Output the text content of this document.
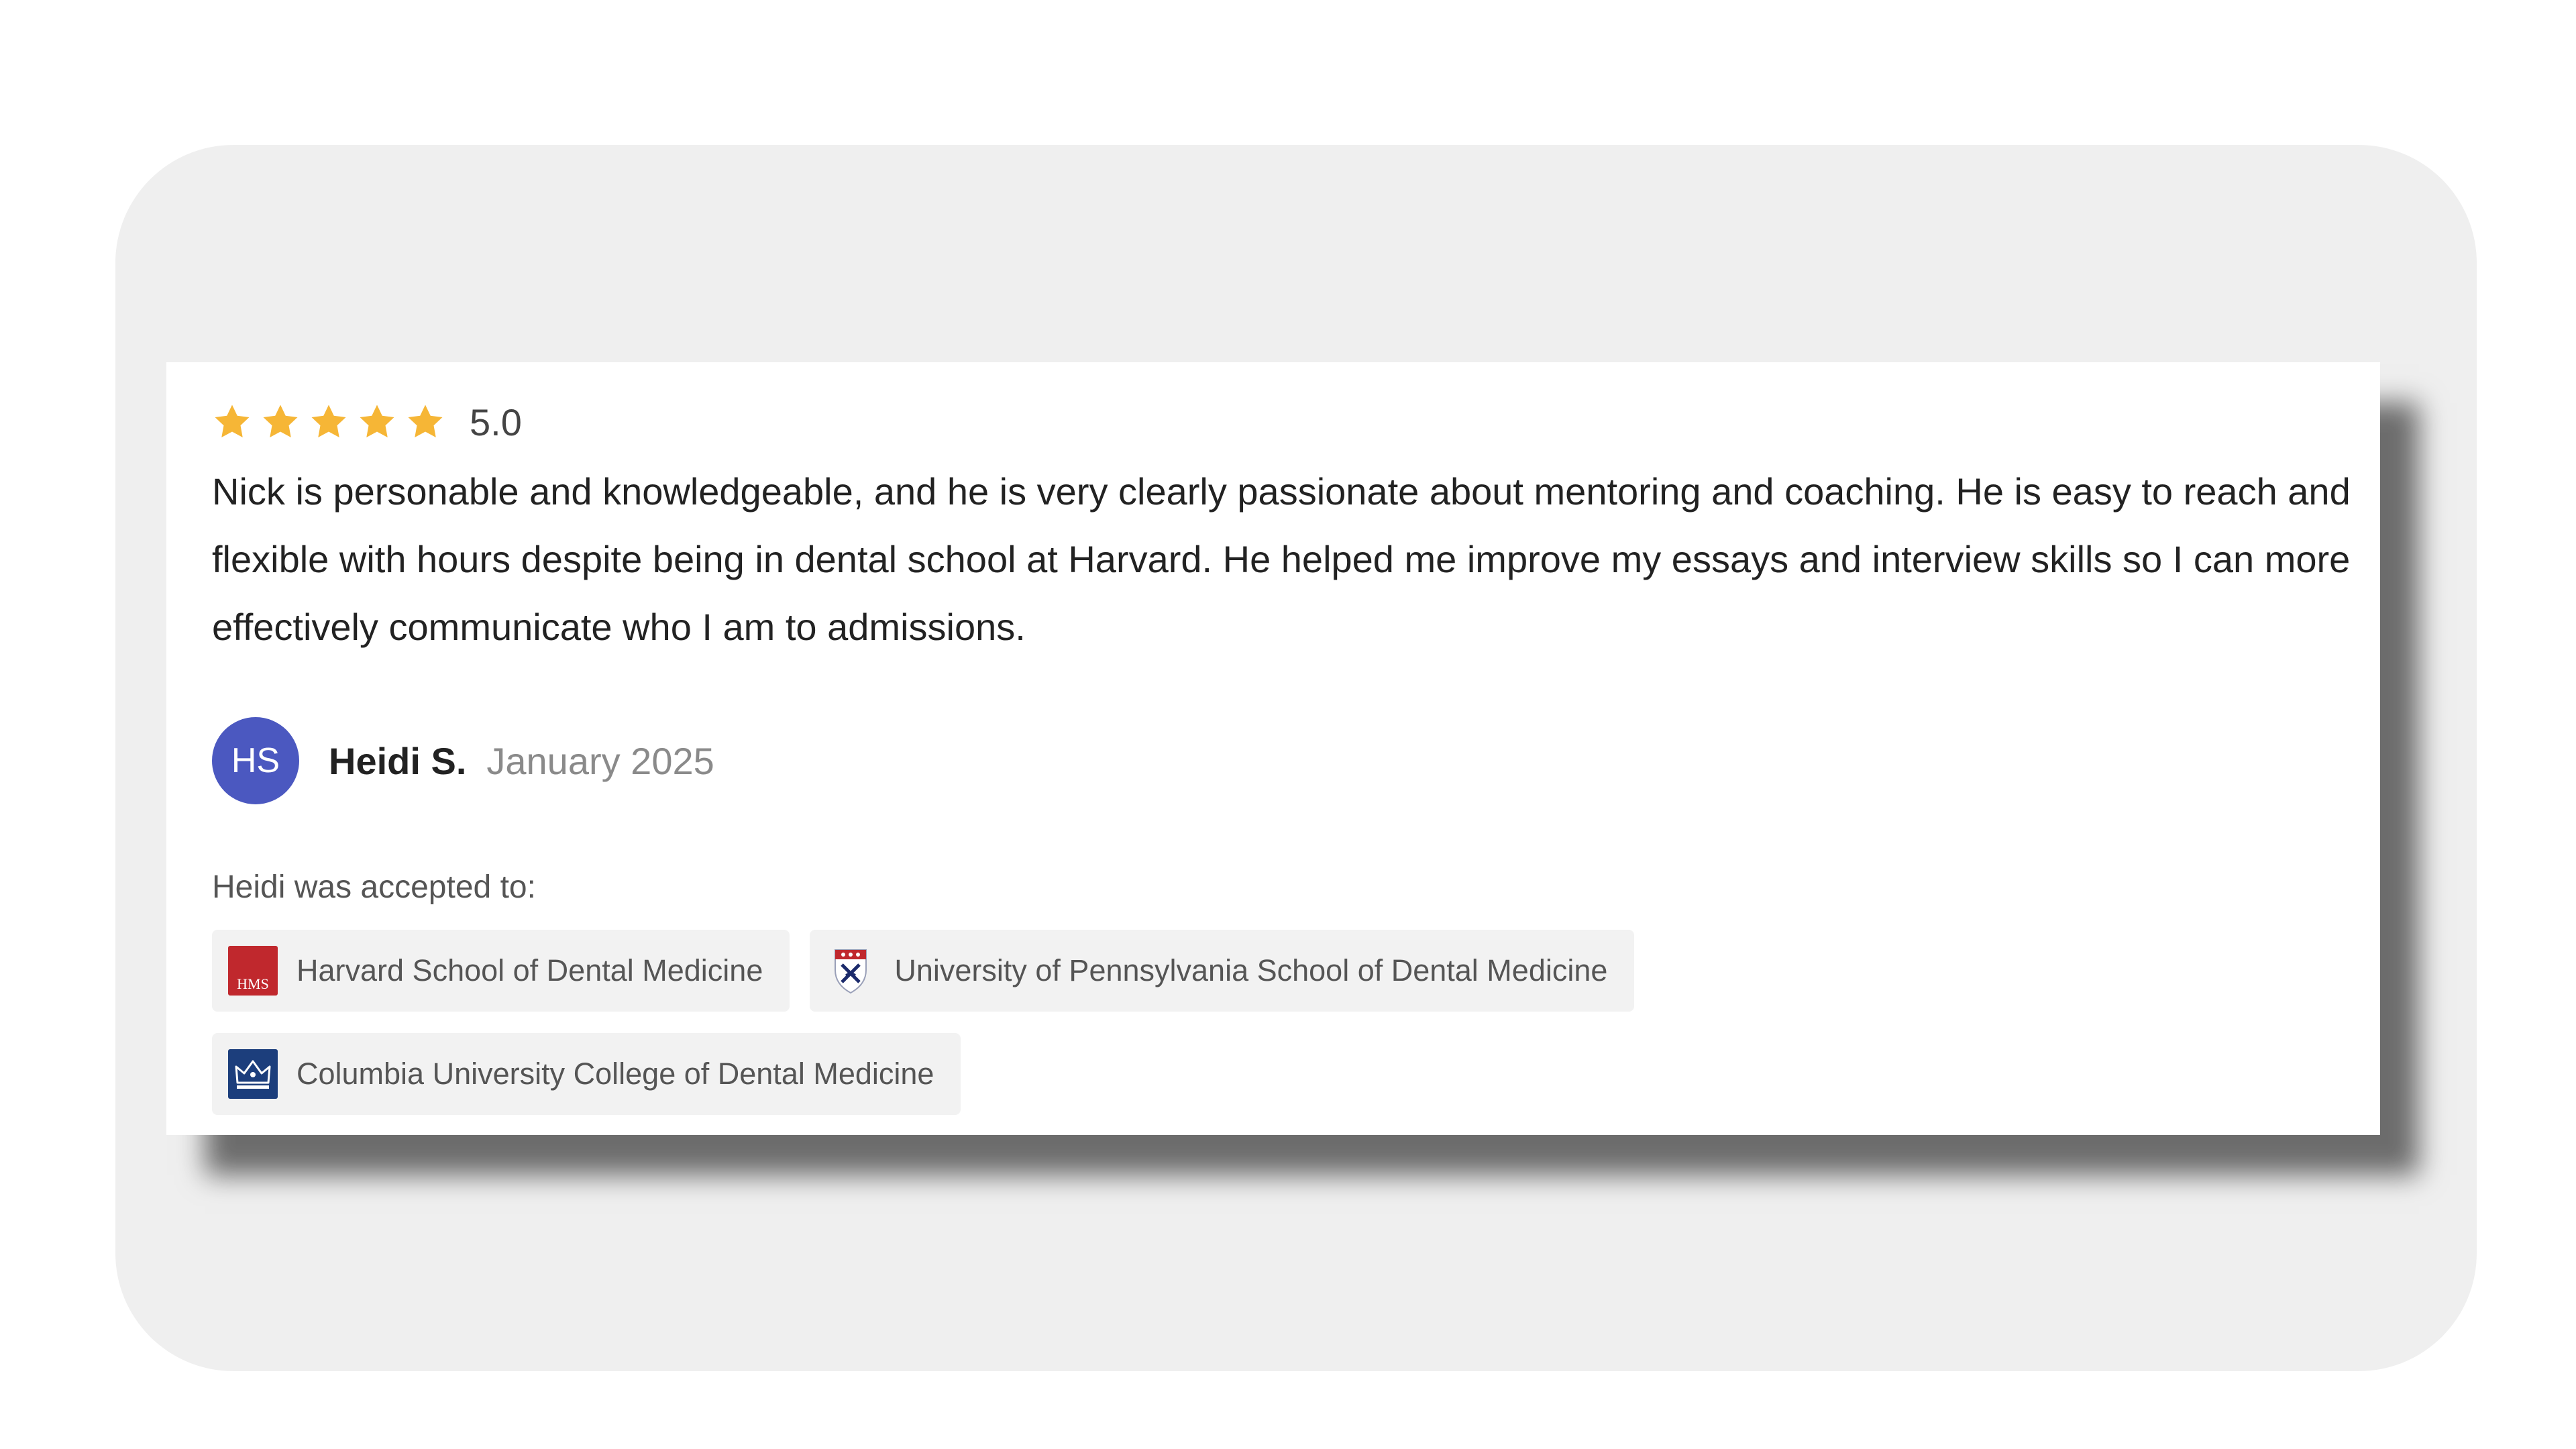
5.0
Nick is personable and knowledgeable, and he is very clearly passionate about mentoring and coaching. He is easy to reach and flexible with hours despite being in dental school at Harvard. He helped me improve my essays and interview skills so I can more effectively communicate who I am to admissions.
HS	Heidi S. January 2025
Heidi was accepted to:
HMS Harvard School of Dental Medicine	University of Pennsylvania School of Dental Medicine
Columbia University College of Dental Medicine
